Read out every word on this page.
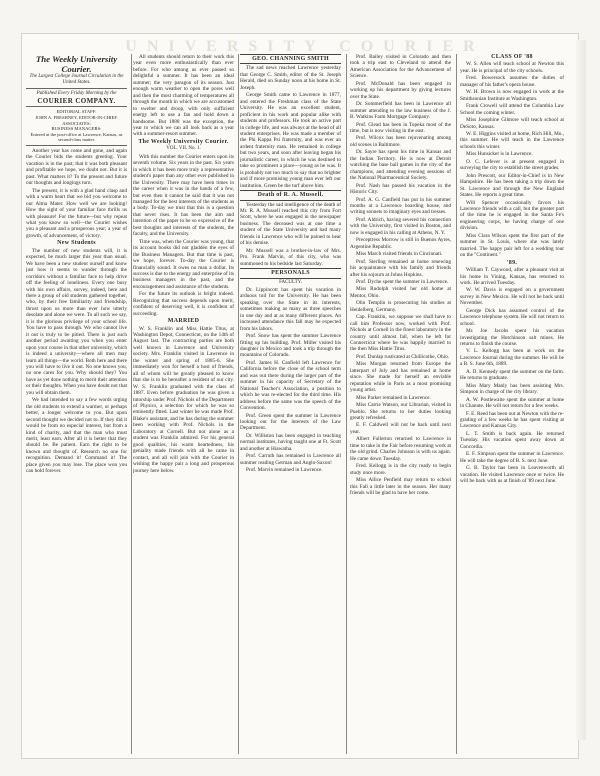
UNIVERSITY COURIER
The Weekly University Courier.
The Largest College Journal Circulation in the United States.
Published Every Friday Morning by the
COURIER COMPANY.
EDITORIAL STAFF:
JOHN A. FRESHNEY, EDITOR-IN-CHIEF.
ASSOCIATES:
BUSINESS MANAGERS:
Entered at the post-office at Lawrence, Kansas, as second-class matter.

Another year has come and gone, and again the Courier bids the students greeting. Your vacation is in the past; that it was both pleasant and profitable we hope, we doubt not. But it is past. What matters it? To the present and future our thoughts and longings turn.

The present, it is with a glad hand clasp and with a warm heart that we bid you welcome to our Alma Mater. How well we are looking! How the sight of your familiar face thrills us with pleasure! For the future—but why repeat what you know so well—the Courier wishes you a pleasant and a prosperous year; a year of growth, of advancement, of victory.

New Students

The number of new students will, it is expected, be much larger this year than usual. We have been a new student ourself and know just how it seems to wander through the corridors without a familiar face to help drive off the feeling of loneliness. Every one busy with his own affairs, survey, indeed, here and there a group of old students gathered together, who, by their free familiarity and friendship, thrust upon us more than ever how utterly desolate and alone we were. To all such we say, it is the glorious privilege of your school life. You have to pass through. We who cannot live it out is truly to be pitied. There is just such another period awaiting you when you enter upon your course in that other university, which is indeed a university—where all men may learn all things—the world. Both here and there you will have to live it out. No one knows you, no one cares for you. Why should they? You have as yet done nothing to merit their attention or their thoughts. When you have doubt not that you will obtain them.

We had intended to say a few words urging the old students to extend a warmer, or perhaps better, a longer welcome to you. But upon second thought we decided not to. If they did it would be from no especial interest, but from a kind of charity, and that the man who must merit, least earn. After all it is better that they should be. Be patient. Earn the right to be known and thought of. Research no one for recognition. Demand it! Command it! The place given you may lose. The place won you can hold forever.

All students should return to their work this year even more enthusiastically than ever before. For who among us ever passed so delightful a summer. It has been an ideal summer; the very paragon of its season. Just enough warm weather to open the pores well and then the most charming of temperatures all through the month in which we are accustomed to swelter and droop, with only sufficient energy left to use a fan and hold down a handsome. But 1888 was the exception, the year to which we can all look back as a year with a summer-resort summer.

The Weekly University Courier.

VOL. VII. No. 1.

With this number the Courier enters upon its seventh volume. Six years in the past. Six years in which it has been more truly a representative student's paper than any other ever published in the University. There may have been times in the career when it was in the hands of a few, but even then it cannot be said that it was not managed for the best interests of the students as a body. To-day we trust that this is a question that never rises. It has been the aim and intention of the paper to be so expressive of the best thoughts and interests of the students, the faculty, and the University.

Time was, when the Courier was young, that its account books did not gladden the eyes of the Business Managers. But that time is past, we hope, forever. To-day the Courier is financially sound. It owes no man a dollar. Its success is due to the energy and enterprise of its business managers in the past, and the encouragement and assistance of the students.

For the future its outlook is bright indeed. Recognizing that success depends upon merit, confident of deserving well, it is confident of succeeding.

MARRIED

W. S. Franklin and Miss Hattie Titus, at Washington Depot, Connecticut, on the 14th of August last. The contracting parties are both well known in Lawrence and University society. Mrs. Franklin visited in Lawrence in the winter and spring of 1885-6. She immediately won for herself a host of friends, all of whom will be greatly pleased to know that she is to be hereafter a resident of our city. W. S. Franklin graduated with the class of 1887. Even before graduation he was given a tutorship under Prof. Nichols of the Department of Physics, a selection for which he was so eminently fitted. Last winter he was made Prof. Blake's assistant, and he has during the summer been working with Prof. Nichols in the Laboratory at Cornell. But not alone as a student was Franklin admired. For his general good qualities, his warm heartedness, his geniality made friends with all he came in contact, and all will join with the Courier in wishing the happy pair a long and prosperous journey here below.

GEO. CHANNING SMITH

The sad news reached Lawrence yesterday that George C. Smith, editor of the St. Joseph Herald, died on Sunday noon at his home in St. Joseph.

George Smith came to Lawrence in 1877, and entered the Freshman class of the State University. He was an excellent student, proficient in his work and popular alike with students and professors. He took an active part in college life, and was always at the head of all student enterprises. He was made a member of the Phi Kappa Psi fraternity, and was ever an ardent fraternity man. He remained in college but two years, and soon after leaving began his journalistic career, in which he was destined to take so prominent a place—young as he was. It is probably not too much to say that no brighter and if more promising young man ever left our institution. Green be the turf above him.

Death of R. A. Mussell.

Yesterday the sad intelligence of the death of Mr. R. A. Mussell reached this city from Fort Scott, where he was engaged in the newspaper business. The deceased was at one time a student of the State University and had many friends in Lawrence who will be pained to hear of his demise.

Mr. Mussell was a brother-in-law of Mrs. Pro. Frank Marvin, of this city, who was summoned to his bedside last Saturday.

PERSONALS

FACULTY.

Dr. Lippincott has spent his vacation in arduous toil for the University. He has been speaking over the State in its interests, sometimes making as many as three speeches in one day and at as many different places. An increased attendance this fall may be expected from his labors.

Prof. Snow has spent the summer Lawrence fitting up his building. Prof. Miller visited his daughter in Mexico and took a trip through the mountains of Colorado.

Prof. James H. Canfield left Lawrence for California before the close of the school term and was out there during the larger part of the summer in his capacity of Secretary of the National Teacher's Association, a position to which he was re-elected for the third time. His address before the same was the speech of the Convention.

Prof. Green spent the summer in Lawrence looking out for the interests of the Law Department.

Dr. Williston has been engaged in teaching normal institutes, having taught one at Ft. Scott and another at Hiawatha.

Prof. Carruth has remained in Lawrence all summer reading German and Anglo-Saxon!

Prof. Marvin remained in Lawrence.

Prof. Bailey visited in Colorado and then took a trip east to Cleveland to attend the American Association for the Advancement of Science.

Prof. McDonald has been engaged in working up his department by giving lectures over the State.

Dr. Sommerfield has been in Lawrence all summer attending to the law business of the J. B. Watkins Farm Mortgage Company.

Prof. Glead has been in Topeka most of the time, but is now visiting in the east.

Prof. Wilcox has been rejuvenating among old scenes in Baltimore.

Dr. Sayre has spent his time in Kansas and the Indian Territory. He is now at Detroit watching the base ball games in the city of the champions, and attending evening sessions of the National Pharmaceutical Society.

Prof. Nash has passed his vacation in the Historic City.

Prof. A. G. Canfield has put in his summer months at a Lawrence boarding house, and writing sonnets to imaginary eyes and tresses.

Prof. Aldrich, having severed his connection with the University, first visited in Boston, and now is engaged in his calling at Athens, N. Y.

Preceptress Morrow is still in Buenos Ayres, Argentine Republic.

Miss March visited friends in Cincinnati.

Prof. Sterling remained at home renewing his acquaintance with his family and friends after his sojourn at Johns Hopkins.

Prof. Dyche spent the summer in Lawrence.

Miss Rudolph visited her old home at Mentor, Ohio.

Olin Templin is prosecuting his studies at Heidelberg, Germany.

Cap. Franklin, we suppose we shall have to call him Professor now, worked with Prof. Nichols at Cornell in the finest laboratory in the country until almost fall, when he left for Connecticut where he was happily married to the then Miss Hattie Titus.

Prof. Dunlap rusticated at Chillicothe, Ohio.

Miss Morgan returned from Europe the latterpart of July and has remained at home since. She made for herself an enviable reputation while in Paris as a most promising young artist.

Miss Parker remained in Lawrence.

Miss Carrie Watson, our Librarian, visited in Pueblo. She returns to her duties looking greatly refreshed.

E. F. Caldwell will not be back until next year.

Albert Fullerton returned to Lawrence in time to take in the Fair before resuming work at the old grind. Charles Johnson is with us again. He came down Tuesday.

Fred. Kellogg is in the city ready to begin study once more.

Miss Allice Penfield may return to school this Fall a little later in the season. Her many friends will be glad to have her come.

CLASS OF '88

W. S. Allen will teach school at Newton this year. He is principal of the city schools.

Fred. Bowersock assumes the duties of manager of his father's opera house.

W. H. Brown is now engaged in work at the Smithsonian Institute at Washington.

Frank Crowell will attend the Columbia Law School the coming winter.

Miss Josephine Gilmore will teach school at DeSoto, Kansas.

W. E. Higgins visited at home, Rich Hill, Mo., this summer. He will teach in the Lawrence schools this winter.

Miss Hunsicker is in Lawrence.

O. C. Lefever is at present engaged in surveying the city to establish the street grades.

John Prescott, our Editor-in-Chief is in New Hampshire. He has been taking a trip down the St. Lawrence and through the New England States. He reports a great time.

Will Spencer occasionally favors his Lawrence friends with a call, but the greater part of the time he is engaged in the Santa Fe's engineering corps, he having charge of one division.

Miss Clara Wilson spent the first part of the summer in St. Louis, where she was lately married. The happy pair left for a wedding tour on the "Continent."

'89.

William T. Caywood, after a pleasant visit at his home in Vining, Kansas, has returned to work. He arrived Tuesday.

W. W. Davis is engaged on a government survey in New Mexico. He will not be back until November.

George Dick has assumed control of the Lawrence telephone system. He will not return to school.

Mr. Joe Jacobs spent his vacation investigating the Hutchinson salt mines. He returns to finish the course.

V. L. Kellogg has been at work on the Lawrence Journal during the summer. He will be a B. S. June 6th, 1889.

A. D. Kennedy spent the summer on the farm. He returns to graduate.

Miss Mary Manly has been assisting Mrs. Simpson in charge of the city library.

A. W. Postlewaite spent the summer at home in Chanute. He will not return for a few weeks.

F. E. Reed has been out at Newton with the re-grading of a few weeks he has spent visiting at Lawrence and Kansas City.

L. T. Smith is back again. He returned Tuesday. His vacation spent away down at Concordia.

E. F. Simpson spent the summer in Lawrence. He will take the degree of B. S. next June.

G. B. Taylor has been in Leavenworth all vacation. He visited Lawrence once or twice. He will be back with us at finish of '89 next June.
